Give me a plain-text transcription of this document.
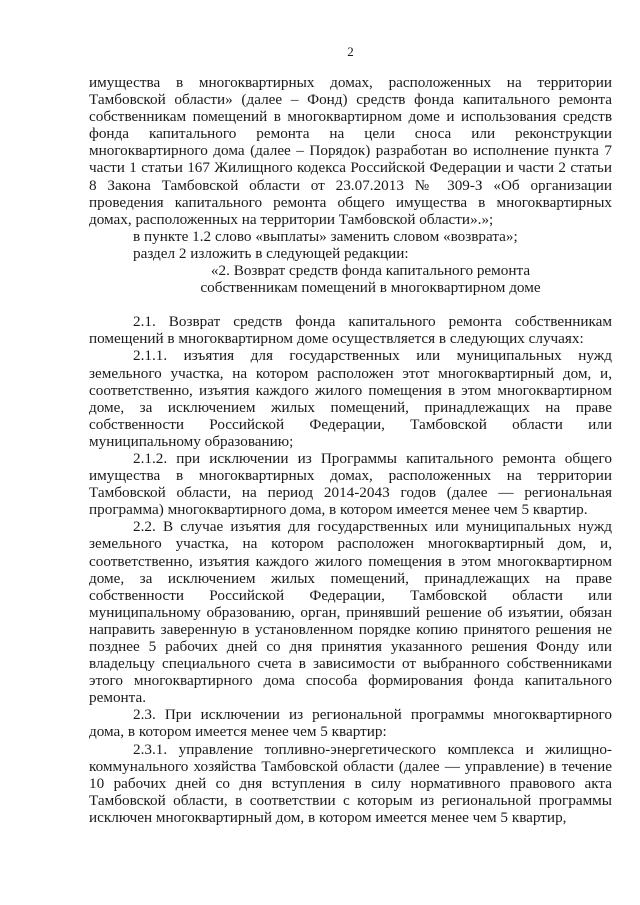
2

имущества в многоквартирных домах, расположенных на территории Тамбовской области» (далее – Фонд) средств фонда капитального ремонта собственникам помещений в многоквартирном доме и использования средств фонда капитального ремонта на цели сноса или реконструкции многоквартирного дома (далее – Порядок) разработан во исполнение пункта 7 части 1 статьи 167 Жилищного кодекса Российской Федерации и части 2 статьи 8 Закона Тамбовской области от 23.07.2013 № 309-З «Об организации проведения капитального ремонта общего имущества в многоквартирных домах, расположенных на территории Тамбовской области».»;

в пункте 1.2 слово «выплаты» заменить словом «возврата»;

раздел 2 изложить в следующей редакции:

«2. Возврат средств фонда капитального ремонта

собственникам помещений в многоквартирном доме

2.1. Возврат средств фонда капитального ремонта собственникам помещений в многоквартирном доме осуществляется в следующих случаях:

2.1.1. изъятия для государственных или муниципальных нужд земельного участка, на котором расположен этот многоквартирный дом, и, соответственно, изъятия каждого жилого помещения в этом многоквартирном доме, за исключением жилых помещений, принадлежащих на праве собственности Российской Федерации, Тамбовской области или муниципальному образованию;

2.1.2. при исключении из Программы капитального ремонта общего имущества в многоквартирных домах, расположенных на территории Тамбовской области, на период 2014-2043 годов (далее — региональная программа) многоквартирного дома, в котором имеется менее чем 5 квартир.

2.2. В случае изъятия для государственных или муниципальных нужд земельного участка, на котором расположен многоквартирный дом, и, соответственно, изъятия каждого жилого помещения в этом многоквартирном доме, за исключением жилых помещений, принадлежащих на праве собственности Российской Федерации, Тамбовской области или муниципальному образованию, орган, принявший решение об изъятии, обязан направить заверенную в установленном порядке копию принятого решения не позднее 5 рабочих дней со дня принятия указанного решения Фонду или владельцу специального счета в зависимости от выбранного собственниками этого многоквартирного дома способа формирования фонда капитального ремонта.

2.3. При исключении из региональной программы многоквартирного дома, в котором имеется менее чем 5 квартир:

2.3.1. управление топливно-энергетического комплекса и жилищно-коммунального хозяйства Тамбовской области (далее — управление) в течение 10 рабочих дней со дня вступления в силу нормативного правового акта Тамбовской области, в соответствии с которым из региональной программы исключен многоквартирный дом, в котором имеется менее чем 5 квартир,
